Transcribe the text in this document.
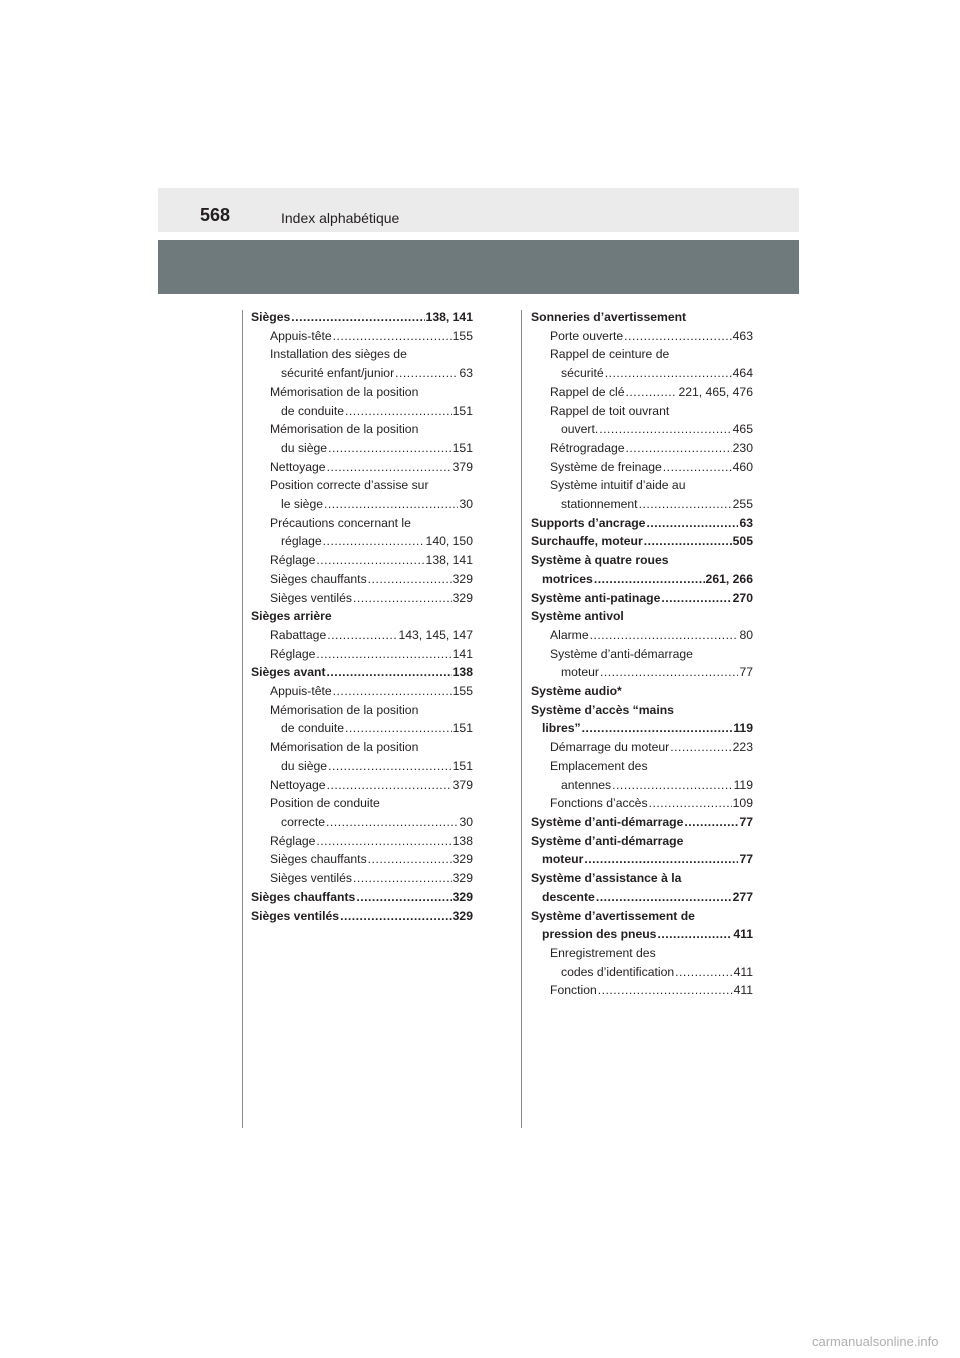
568	Index alphabétique
Sièges .....	138, 141
Appuis-tête .....	155
Installation des sièges de
sécurité enfant/junior .....	63
Mémorisation de la position
de conduite .....	151
Mémorisation de la position
du siège .....	151
Nettoyage .....	379
Position correcte d’assise sur
le siège .....	30
Précautions concernant le
réglage .....	140, 150
Réglage .....	138, 141
Sièges chauffants .....	329
Sièges ventilés .....	329
Sièges arrière
Rabattage .....	143, 145, 147
Réglage .....	141
Sièges avant .....	138
Appuis-tête .....	155
Mémorisation de la position
de conduite .....	151
Mémorisation de la position
du siège .....	151
Nettoyage .....	379
Position de conduite
correcte .....	30
Réglage .....	138
Sièges chauffants .....	329
Sièges ventilés .....	329
Sièges chauffants .....	329
Sièges ventilés .....	329
Sonneries d’avertissement
Porte ouverte .....	463
Rappel de ceinture de
sécurité .....	464
Rappel de clé .....	221, 465, 476
Rappel de toit ouvrant
ouvert. .....	465
Rétrogradage .....	230
Système de freinage .....	460
Système intuitif d’aide au
stationnement .....	255
Supports d’ancrage .....	63
Surchauffe, moteur .....	505
Système à quatre roues
motrices .....	261, 266
Système anti-patinage .....	270
Système antivol
Alarme .....	80
Système d’anti-démarrage
moteur .....	77
Système audio*
Système d’accès “mains
libres” .....	119
Démarrage du moteur .....	223
Emplacement des
antennes .....	119
Fonctions d’accès .....	109
Système d’anti-démarrage .....	77
Système d’anti-démarrage
moteur .....	77
Système d’assistance à la
descente .....	277
Système d’avertissement de
pression des pneus .....	411
Enregistrement des
codes d’identification .....	411
Fonction .....	411
carmanualsonline.info
